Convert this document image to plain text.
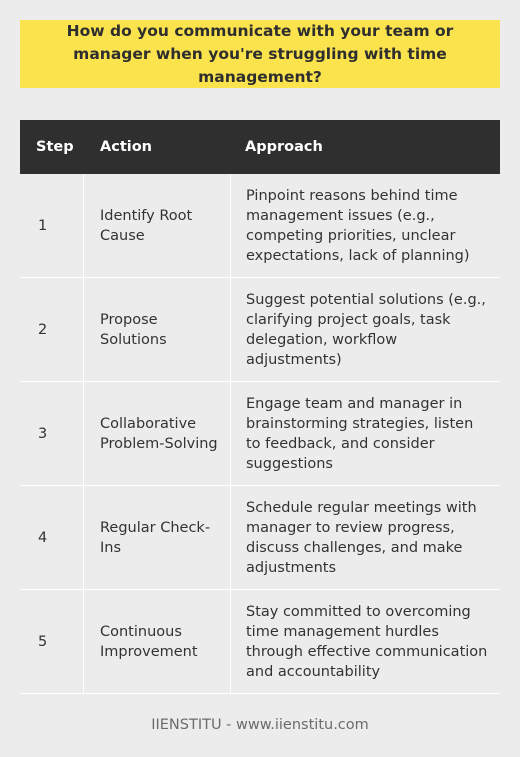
How do you communicate with your team or manager when you're struggling with time management?
Step	Action	Approach
1	Identify Root Cause	Pinpoint reasons behind time management issues (e.g., competing priorities, unclear expectations, lack of planning)
2	Propose Solutions	Suggest potential solutions (e.g., clarifying project goals, task delegation, workflow adjustments)
3	Collaborative Problem-Solving	Engage team and manager in brainstorming strategies, listen to feedback, and consider suggestions
4	Regular Check-Ins	Schedule regular meetings with manager to review progress, discuss challenges, and make adjustments
5	Continuous Improvement	Stay committed to overcoming time management hurdles through effective communication and accountability
IIENSTITU - www.iienstitu.com
